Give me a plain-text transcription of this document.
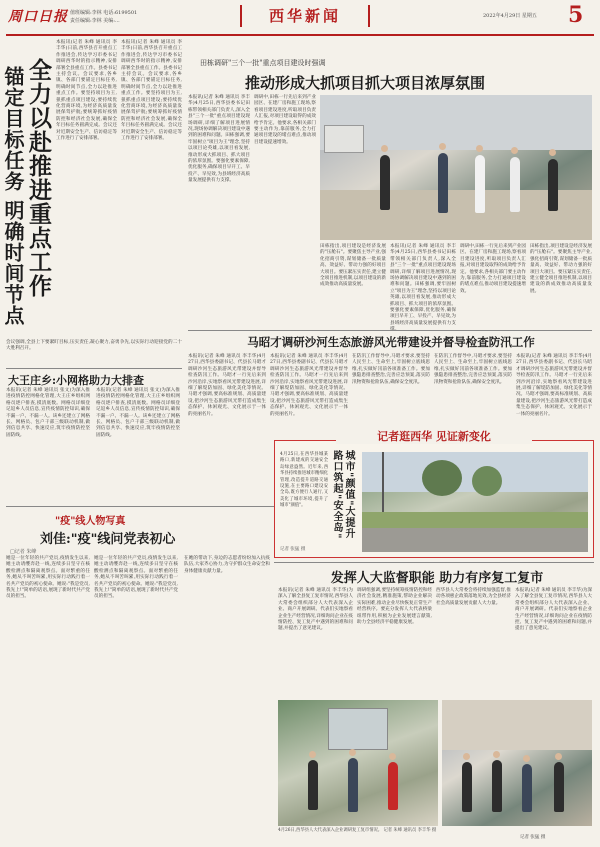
周口日报 值班编辑:李林 电话:6199501
责任编辑:李林 美编:...	西华新闻	2022年4月29日 星期五 5
全力以赴推进重点工作
锚定目标任务 明确时间节点
本报讯(记者 朱峰 通讯员 李丰华)日前,西华县召开重点工作推进会,传达学习市委书记调研西华时的指示精神,安排部署全县重点工作。县委书记主持会议。会议要求,各乡镇、各部门要锚定目标任务,明确时间节点,全力以赴推进重点工作。要坚持项目为王,狠抓重点项目建设;要持续优化营商环境,为经济高质量发展保驾护航;要统筹抓好疫情防控和经济社会发展,确保全年目标任务圆满完成。会议还对近期安全生产、信访稳定等工作进行了安排部署。
本报讯(记者 朱峰 通讯员 李丰华)日前,西华县召开重点工作推进会,传达学习市委书记调研西华时的指示精神,安排部署全县重点工作。县委书记主持会议。会议要求,各乡镇、各部门要锚定目标任务,明确时间节点,全力以赴推进重点工作。要坚持项目为王,狠抓重点项目建设;要持续优化营商环境,为经济高质量发展保驾护航;要统筹抓好疫情防控和经济社会发展,确保全年目标任务圆满完成。会议还对近期安全生产、信访稳定等工作进行了安排部署。
会议强调,全县上下要紧盯目标,压实责任,凝心聚力,奋勇争先,以实际行动迎接党的二十大胜利召开。
大王庄乡:小网格助力大排查
本报讯(记者 朱峰 通讯员 张文)为深入推进疫情防控网格化管理,大王庄乡组织网格员逐户排查,摸清底数。网格员详细登记返乡人员信息,宣传疫情防控知识,确保不漏一户、不漏一人。该乡还建立了网格长、网格员、包户干部三级联动机制,做到信息共享、快速反应,筑牢疫情防控坚固防线。
本报讯(记者 朱峰 通讯员 张文)为深入推进疫情防控网格化管理,大王庄乡组织网格员逐户排查,摸清底数。网格员详细登记返乡人员信息,宣传疫情防控知识,确保不漏一户、不漏一人。该乡还建立了网格长、网格员、包户干部三级联动机制,做到信息共享、快速反应,筑牢疫情防控坚固防线。
"疫"线人物写真
刘佳:"疫"线问党表初心
□记者 朱峰
她是一位年轻的共产党员,疫情发生以来,她主动请缨奔赴一线,连续多日坚守在核酸检测点和隔离观察点。面对繁重的任务,她从不叫苦叫累,用实际行动践行着一名共产党员的初心使命。她说:"我是党员,我先上!"简单的话语,展现了新时代共产党员的担当。
她是一位年轻的共产党员,疫情发生以来,她主动请缨奔赴一线,连续多日坚守在核酸检测点和隔离观察点。面对繁重的任务,她从不叫苦叫累,用实际行动践行着一名共产党员的初心使命。她说:"我是党员,我先上!"简单的话语,展现了新时代共产党员的担当。
在她的带动下,身边的志愿者纷纷加入抗疫队伍,大家齐心协力,为守护群众生命安全和身体健康贡献力量。
田栋调研"三个一批"重点项目建设时强调
推动形成大抓项目抓大项目浓厚氛围
本报讯(记者 朱峰 通讯员 李丰华)4月25日,西华县委书记田栋带领相关部门负责人,深入全县"三个一批"重点项目建设现场调研,详细了解项目进展情况,现场协调解决项目建设中遇到的困难和问题。田栋强调,要牢固树立"项目为王"理念,坚持以项目论英雄,以项目看发展,推动形成大抓项目、抓大项目的浓厚氛围。要强化要素保障,优化服务,确保项目早开工、早投产、早见效,为县域经济高质量发展提供有力支撑。
调研中,田栋一行先后来到产业园区、在建厂房和施工现场,察看项目建设进度,听取项目负责人汇报,对项目建设取得的成效给予肯定。他要求,各相关部门要主动作为,靠前服务,全力打通项目建设的堵点难点,推动项目建设提速增效。
田栋指出,项目建设是经济发展的"压舱石"。要聚焦主导产业,强化招商引资,谋划储备一批质量高、效益好、带动力强的好项目大项目。要压紧压实责任,建立健全项目推进机制,以项目建设的新成效推动高质量发展。
本报讯(记者 朱峰 通讯员 李丰华)4月25日,西华县委书记田栋带领相关部门负责人,深入全县"三个一批"重点项目建设现场调研,详细了解项目进展情况,现场协调解决项目建设中遇到的困难和问题。田栋强调,要牢固树立"项目为王"理念,坚持以项目论英雄,以项目看发展,推动形成大抓项目、抓大项目的浓厚氛围。要强化要素保障,优化服务,确保项目早开工、早投产、早见效,为县域经济高质量发展提供有力支
调研中,田栋一行先后来到产业园区、在建厂房和施工现场,察看项目建设进度,听取项目负责人汇报,对项目建设取得的成效给予肯定。他要求,各相关部门要主动作为,靠前服务,全力打通项目建设的堵点难点,推动项目建设提速增效。
田栋指出,项目建设是经济发展的"压舱石"。要聚焦主导产业,强化招商引资,谋划储备一批质量高、效益好、带动力强的好项目大项目。要压紧压实责任,建立健全项目推进机制,以项目建设的新成效推动高质量发展。
马昭才调研沙河生态旅游风光带建设并督导检查防汛工作
本报讯(记者 朱峰 通讯员 李丰华)4月27日,西华县委副书记、代县长马昭才调研沙河生态旅游风光带建设并督导检查防汛工作。马昭才一行先后来到沙河沿岸,实地察看风光带建设进展,详细了解堤防加固、绿化美化等情况。马昭才强调,要高标准规划、高质量建设,把沙河生态旅游风光带打造成集生态保护、休闲观光、文化展示于一体的亮丽名片。
本报讯(记者 朱峰 通讯员 李丰华)4月27日,西华县委副书记、代县长马昭才调研沙河生态旅游风光带建设并督导检查防汛工作。马昭才一行先后来到沙河沿岸,实地察看风光带建设进展,详细了解堤防加固、绿化美化等情况。马昭才强调,要高标准规划、高质量建设,把沙河生态旅游风光带打造成集生态保护、休闲观光、文化展示于一体的亮丽名片。
在防汛工作督导中,马昭才要求,要坚持人民至上、生命至上,牢固树立底线思维,扎实做好汛前各项准备工作。要加强隐患排查整治,完善应急预案,落实防汛物资和抢险队伍,确保安全度汛。
在防汛工作督导中,马昭才要求,要坚持人民至上、生命至上,牢固树立底线思维,扎实做好汛前各项准备工作。要加强隐患排查整治,完善应急预案,落实防汛物资和抢险队伍,确保安全度汛。
本报讯(记者 朱峰 通讯员 李丰华)4月27日,西华县委副书记、代县长马昭才调研沙河生态旅游风光带建设并督导检查防汛工作。马昭才一行先后来到沙河沿岸,实地察看风光带建设进展,详细了解堤防加固、绿化美化等情况。马昭才强调,要高标准规划、高质量建设,把沙河生态旅游风光带打造成集生态保护、休闲观光、文化展示于一体的亮丽名片。
记者逛西华 见证新变化
4月25日,在西华县城某路口,新建成的交通安全岛绿意盎然。近年来,西华县持续推进城市精细化管理,改造提升道路交通设施,在主要路口建设安全岛,既方便行人通行,又美化了城市环境,提升了城市"颜值"。	城市"颜值"大提升 路口筑起"安全岛"
记者 张猛 摄
发挥人大监督职能 助力有序复工复市
本报讯(记者 朱峰 通讯员 李丰华)为深入了解全县复工复市情况,西华县人大常委会组织部分人大代表深入企业、商户开展调研。代表们实地察看企业生产经营情况,详细询问企业在疫情防控、复工复产中遇到的困难和问题,并提出了意见建议。
调研组强调,要坚持统筹疫情防控和经济社会发展,精准施策,帮助企业解决实际困难,推动企业尽快恢复正常生产经营秩序。要充分发挥人大代表桥梁纽带作用,积极为企业发展建言献策,助力全县经济平稳健康发展。
西华县人大常委会将持续加强监督,推动各项惠企政策落地见效,为全县经济社会高质量发展贡献人大力量。
本报讯(记者 朱峰 通讯员 李丰华)为深入了解全县复工复市情况,西华县人大常委会组织部分人大代表深入企业、商户开展调研。代表们实地察看企业生产经营情况,详细询问企业在疫情防控、复工复产中遇到的困难和问题,并提出了意见建议。
4月26日,西华县人大代表深入企业调研复工复市情况。 记者 朱峰 通讯员 李丰华 摄
记者 张猛 摄
